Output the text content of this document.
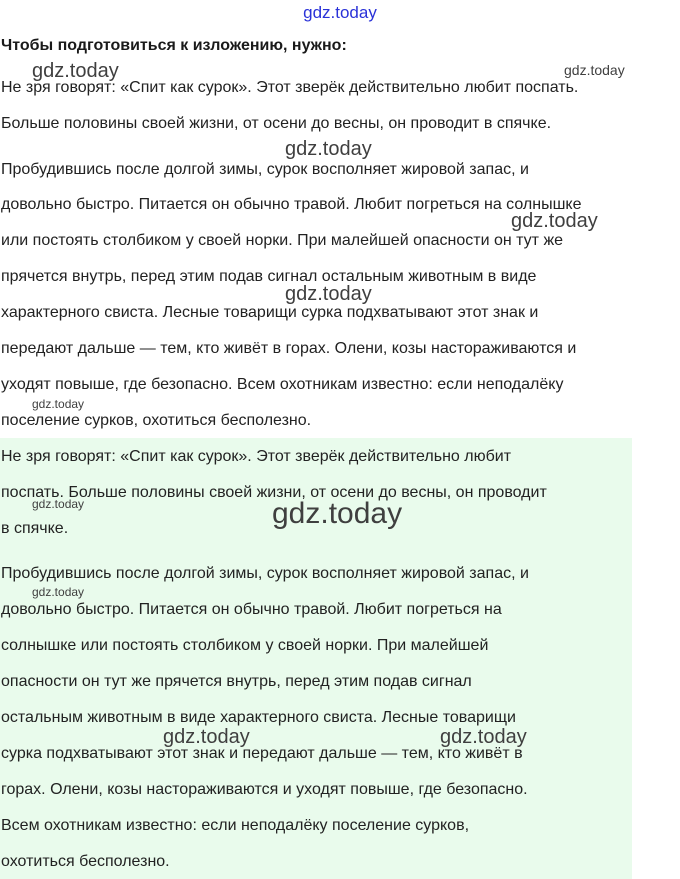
gdz.today
Чтобы подготовиться к изложению, нужно:
Не зря говорят: «Спит как сурок». Этот зверёк действительно любит поспать.
Больше половины своей жизни, от осени до весны, он проводит в спячке.
Пробудившись после долгой зимы, сурок восполняет жировой запас, и
довольно быстро. Питается он обычно травой. Любит погреться на солнышке
или постоять столбиком у своей норки. При малейшей опасности он тут же
прячется внутрь, перед этим подав сигнал остальным животным в виде
характерного свиста. Лесные товарищи сурка подхватывают этот знак и
передают дальше — тем, кто живёт в горах. Олени, козы настораживаются и
уходят повыше, где безопасно. Всем охотникам известно: если неподалёку
поселение сурков, охотиться бесполезно.
Не зря говорят: «Спит как сурок». Этот зверёк действительно любит
поспать. Больше половины своей жизни, от осени до весны, он проводит
в спячке.
Пробудившись после долгой зимы, сурок восполняет жировой запас, и
довольно быстро. Питается он обычно травой. Любит погреться на
солнышке или постоять столбиком у своей норки. При малейшей
опасности он тут же прячется внутрь, перед этим подав сигнал
остальным животным в виде характерного свиста. Лесные товарищи
сурка подхватывают этот знак и передают дальше — тем, кто живёт в
горах. Олени, козы настораживаются и уходят повыше, где безопасно.
Всем охотникам известно: если неподалёку поселение сурков,
охотиться бесполезно.
gdz.today	gdz.today
gdz.today
gdz.today
gdz.today
gdz.today
gdz.today	gdz.today
gdz.today
gdz.today	gdz.today
